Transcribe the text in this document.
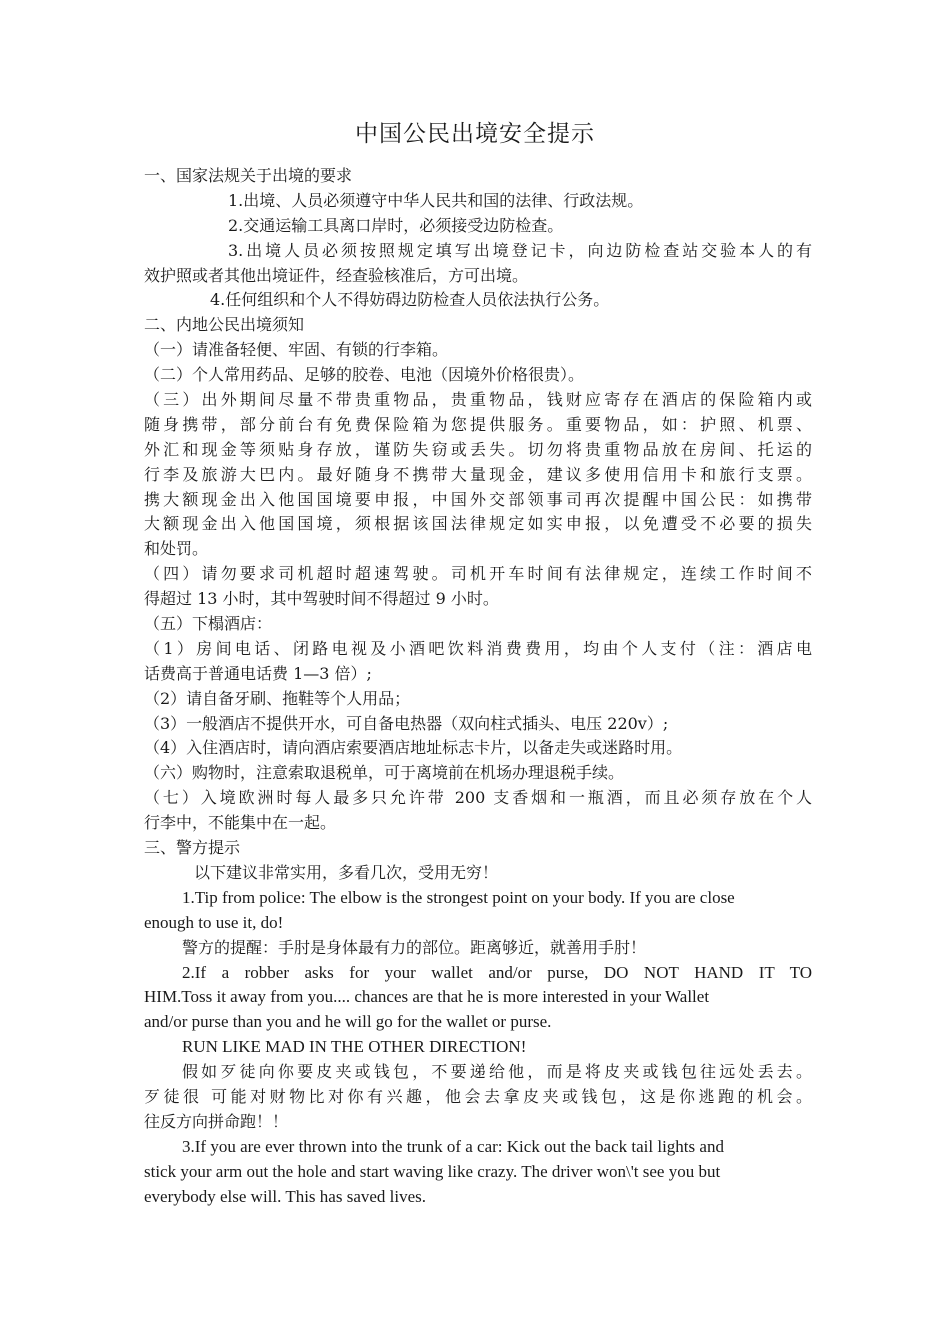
中国公民出境安全提示
一、国家法规关于出境的要求
1.出境、人员必须遵守中华人民共和国的法律、行政法规。
2.交通运输工具离口岸时，必须接受边防检查。
3.出境人员必须按照规定填写出境登记卡，向边防检查站交验本人的有
效护照或者其他出境证件，经查验核准后，方可出境。
4.任何组织和个人不得妨碍边防检查人员依法执行公务。
二、内地公民出境须知
（一）请准备轻便、牢固、有锁的行李箱。
（二）个人常用药品、足够的胶卷、电池（因境外价格很贵）。
（三）出外期间尽量不带贵重物品，贵重物品，钱财应寄存在酒店的保险箱内或
随身携带，部分前台有免费保险箱为您提供服务。重要物品，如：护照、机票、
外汇和现金等须贴身存放，谨防失窃或丢失。切勿将贵重物品放在房间、托运的
行李及旅游大巴内。最好随身不携带大量现金，建议多使用信用卡和旅行支票。
携大额现金出入他国国境要申报，中国外交部领事司再次提醒中国公民：如携带
大额现金出入他国国境，须根据该国法律规定如实申报，以免遭受不必要的损失
和处罚。
（四）请勿要求司机超时超速驾驶。司机开车时间有法律规定，连续工作时间不
得超过 13 小时，其中驾驶时间不得超过 9 小时。
（五）下榻酒店：
（1）房间电话、闭路电视及小酒吧饮料消费费用，均由个人支付（注：酒店电
话费高于普通电话费 1—3 倍）;
（2）请自备牙刷、拖鞋等个人用品；
（3）一般酒店不提供开水，可自备电热器（双向柱式插头、电压 220v）;
（4）入住酒店时，请向酒店索要酒店地址标志卡片，以备走失或迷路时用。
（六）购物时，注意索取退税单，可于离境前在机场办理退税手续。
（七）入境欧洲时每人最多只允许带 200 支香烟和一瓶酒，而且必须存放在个人
行李中，不能集中在一起。
三、警方提示
以下建议非常实用，多看几次，受用无穷！
1.Tip from police: The elbow is the strongest point on your body. If you are close
enough to use it, do!
警方的提醒：手肘是身体最有力的部位。距离够近，就善用手肘！
2.If a robber asks for your wallet and/or purse, DO NOT HAND IT TO
HIM.Toss it away from you.... chances are that he is more interested in your Wallet
and/or purse than you and he will go for the wallet or purse.
RUN LIKE MAD IN THE OTHER DIRECTION!
假如歹徒向你要皮夹或钱包，不要递给他，而是将皮夹或钱包往远处丢去。
歹徒很 可能对财物比对你有兴趣，他会去拿皮夹或钱包，这是你逃跑的机会。
往反方向拼命跑！！
3.If you are ever thrown into the trunk of a car: Kick out the back tail lights and
stick your arm out the hole and start waving like crazy. The driver won\'t see you but
everybody else will. This has saved lives.
